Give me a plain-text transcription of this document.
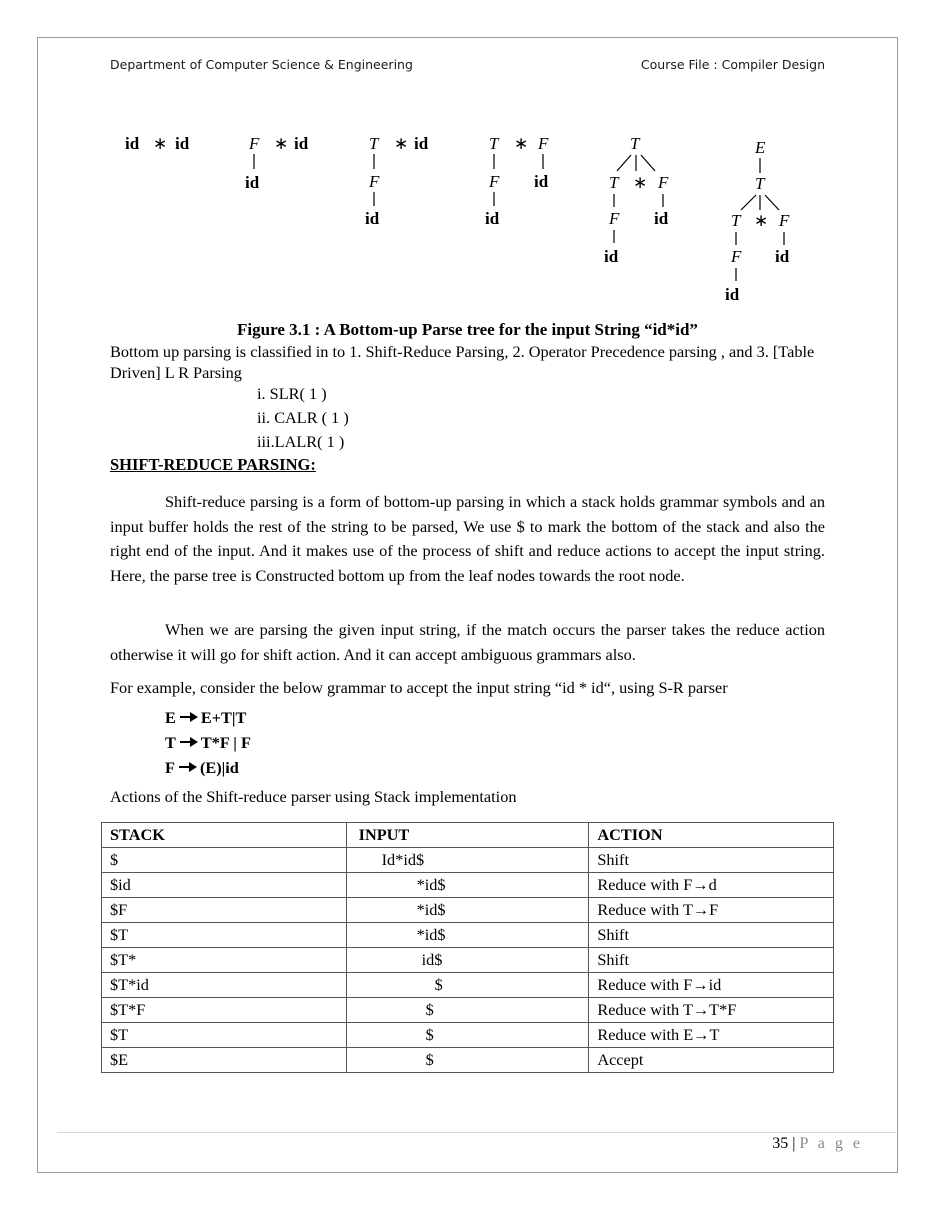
Department of Computer Science & Engineering	Course File : Compiler Design
id ∗ id	F ∗ id
id
T ∗ id
F
id
T ∗ F
F id
id
T
T ∗ F
F id
id
E
T
T ∗ F
F id
id
Figure 3.1 : A Bottom-up Parse tree for the input String “id*id”
Bottom up parsing is classified in to 1. Shift-Reduce Parsing, 2. Operator Precedence parsing , and 3. [Table Driven] L R Parsing
i. SLR( 1 )
ii. CALR ( 1 )
iii.LALR( 1 )
SHIFT-REDUCE PARSING:
Shift-reduce parsing is a form of bottom-up parsing in which a stack holds grammar symbols and an input buffer holds the rest of the string to be parsed, We use $ to mark the bottom of the stack and also the right end of the input. And it makes use of the process of shift and reduce actions to accept the input string. Here, the parse tree is Constructed bottom up from the leaf nodes towards the root node.
When we are parsing the given input string, if the match occurs the parser takes the reduce action otherwise it will go for shift action. And it can accept ambiguous grammars also.
For example, consider the below grammar to accept the input string “id * id“, using S-R parser
E E+T|T
T T*F | F
F (E)|id
Actions of the Shift-reduce parser using Stack implementation
STACK	INPUT	ACTION
$	Id*id$	Shift
$id	*id$	Reduce with F→d
$F	*id$	Reduce with T→F
$T	*id$	Shift
$T*	id$	Shift
$T*id	$	Reduce with F→id
$T*F	$	Reduce with T→T*F
$T	$	Reduce with E→T
$E	$	Accept
35 | P a g e
